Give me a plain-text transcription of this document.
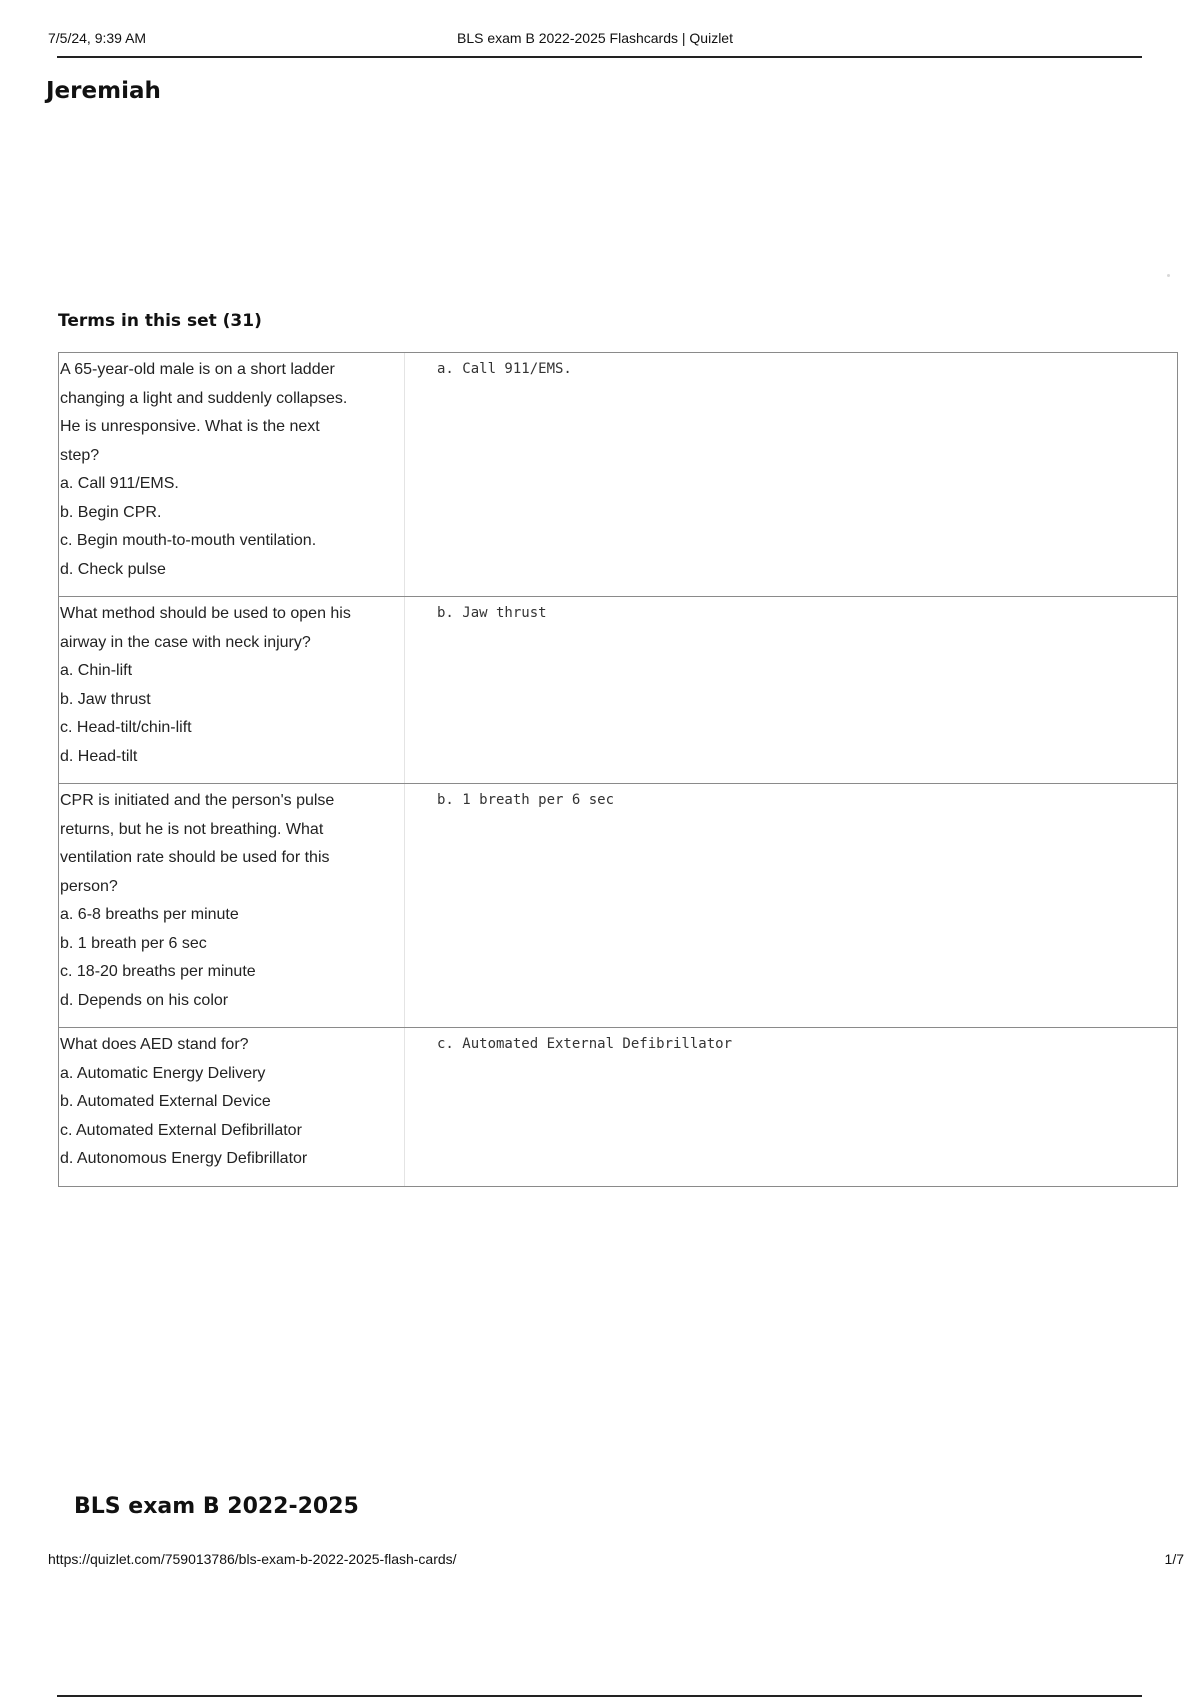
7/5/24, 9:39 AM	BLS exam B 2022-2025 Flashcards | Quizlet
Jeremiah
Terms in this set (31)
A 65-year-old male is on a short ladder
changing a light and suddenly collapses.
He is unresponsive. What is the next
step?
a. Call 911/EMS.
b. Begin CPR.
c. Begin mouth-to-mouth ventilation.
d. Check pulse
a. Call 911/EMS.
What method should be used to open his
airway in the case with neck injury?
a. Chin-lift
b. Jaw thrust
c. Head-tilt/chin-lift
d. Head-tilt
b. Jaw thrust
CPR is initiated and the person's pulse
returns, but he is not breathing. What
ventilation rate should be used for this
person?
a. 6-8 breaths per minute
b. 1 breath per 6 sec
c. 18-20 breaths per minute
d. Depends on his color
b. 1 breath per 6 sec
What does AED stand for?
a. Automatic Energy Delivery
b. Automated External Device
c. Automated External Defibrillator
d. Autonomous Energy Defibrillator
c. Automated External Defibrillator
BLS exam B 2022-2025
https://quizlet.com/759013786/bls-exam-b-2022-2025-flash-cards/	1/7
